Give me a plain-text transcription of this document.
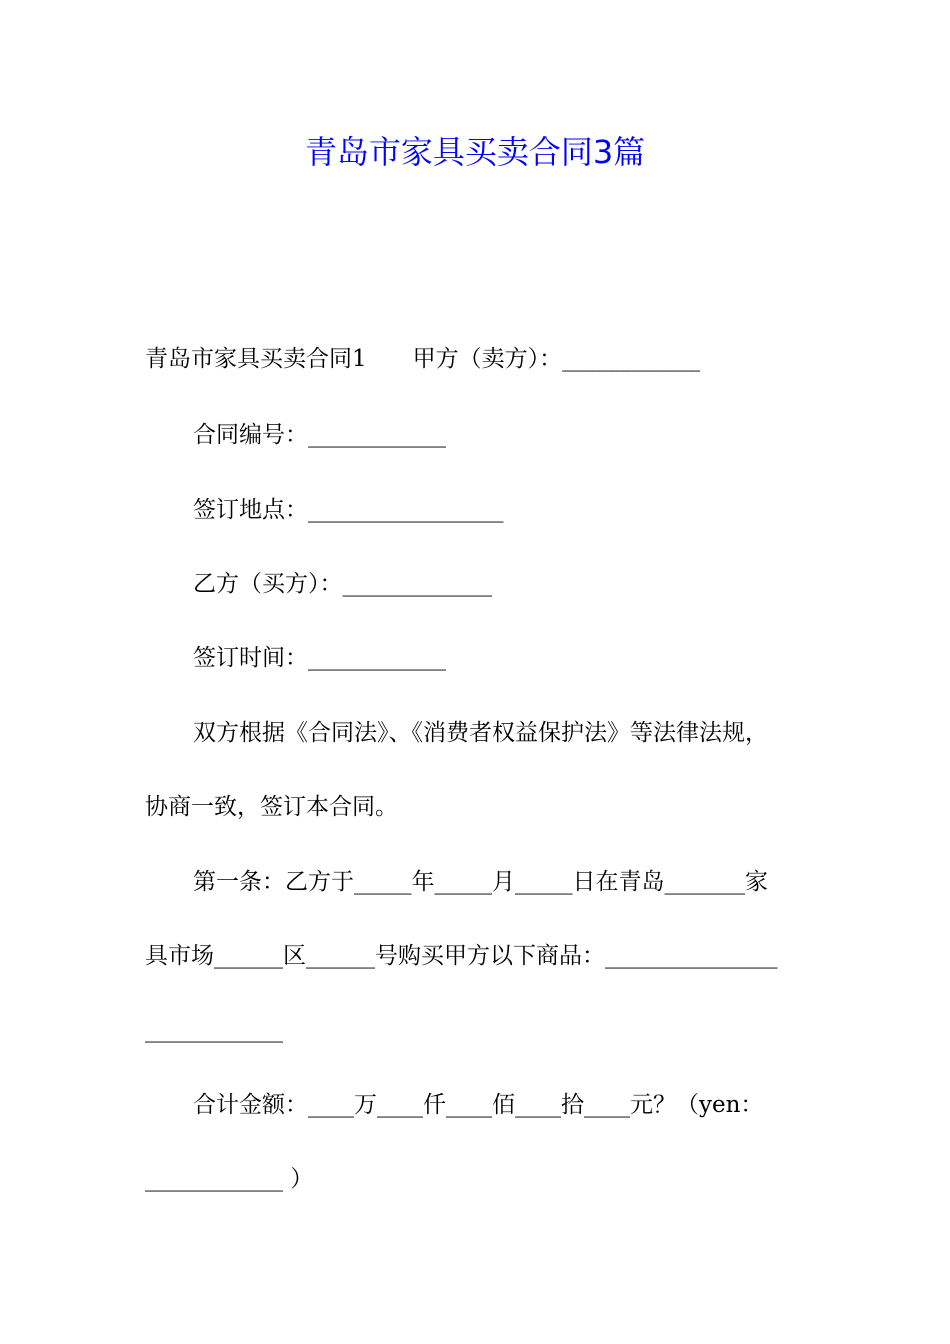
青岛市家具买卖合同3篇
青岛市家具买卖合同1　　甲方（卖方）：____________
合同编号：____________
签订地点：_________________
乙方（买方）：_____________
签订时间：____________
双方根据《合同法》、《消费者权益保护法》等法律法规，
协商一致，签订本合同。
第一条：乙方于_____年_____月_____日在青岛_______家
具市场______区______号购买甲方以下商品：_______________
____________
合计金额：____万____仟____佰____拾____元？（yen：
____________ ）
